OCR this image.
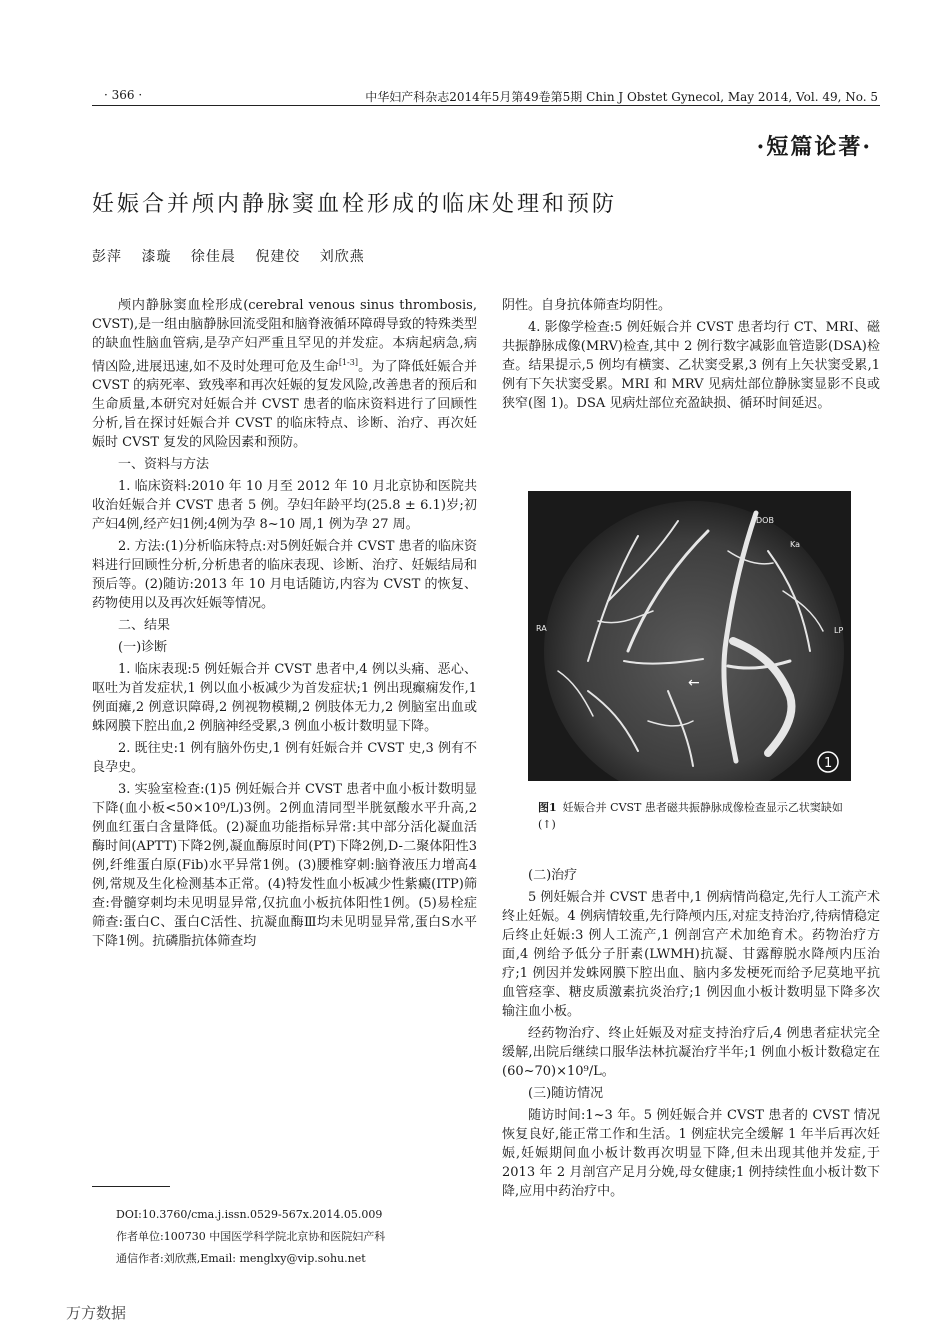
· 366 ·	中华妇产科杂志2014年5月第49卷第5期 Chin J Obstet Gynecol, May 2014, Vol. 49, No. 5
·短篇论著·
妊娠合并颅内静脉窦血栓形成的临床处理和预防
彭萍 漆璇 徐佳晨 倪建佼 刘欣燕

颅内静脉窦血栓形成(cerebral venous sinus thrombosis, CVST),是一组由脑静脉回流受阻和脑脊液循环障碍导致的特殊类型的缺血性脑血管病,是孕产妇严重且罕见的并发症。本病起病急,病情凶险,进展迅速,如不及时处理可危及生命[1-3]。为了降低妊娠合并 CVST 的病死率、致残率和再次妊娠的复发风险,改善患者的预后和生命质量,本研究对妊娠合并 CVST 患者的临床资料进行了回顾性分析,旨在探讨妊娠合并 CVST 的临床特点、诊断、治疗、再次妊娠时 CVST 复发的风险因素和预防。

一、资料与方法

1. 临床资料:2010 年 10 月至 2012 年 10 月北京协和医院共收治妊娠合并 CVST 患者 5 例。孕妇年龄平均(25.8 ± 6.1)岁;初产妇4例,经产妇1例;4例为孕 8~10 周,1 例为孕 27 周。

2. 方法:(1)分析临床特点:对5例妊娠合并 CVST 患者的临床资料进行回顾性分析,分析患者的临床表现、诊断、治疗、妊娠结局和预后等。(2)随访:2013 年 10 月电话随访,内容为 CVST 的恢复、药物使用以及再次妊娠等情况。

二、结果
(一)诊断

1. 临床表现:5 例妊娠合并 CVST 患者中,4 例以头痛、恶心、呕吐为首发症状,1 例以血小板减少为首发症状;1 例出现癫痫发作,1 例面瘫,2 例意识障碍,2 例视物模糊,2 例肢体无力,2 例脑室出血或蛛网膜下腔出血,2 例脑神经受累,3 例血小板计数明显下降。

2. 既往史:1 例有脑外伤史,1 例有妊娠合并 CVST 史,3 例有不良孕史。

3. 实验室检查:(1)5 例妊娠合并 CVST 患者中血小板计数明显下降(血小板<50×10⁹/L)3例。2例血清同型半胱氨酸水平升高,2例血红蛋白含量降低。(2)凝血功能指标异常:其中部分活化凝血活酶时间(APTT)下降2例,凝血酶原时间(PT)下降2例,D-二聚体阳性3例,纤维蛋白原(Fib)水平异常1例。(3)腰椎穿刺:脑脊液压力增高4例,常规及生化检测基本正常。(4)特发性血小板减少性紫癜(ITP)筛查:骨髓穿刺均未见明显异常,仅抗血小板抗体阳性1例。(5)易栓症筛查:蛋白C、蛋白C活性、抗凝血酶Ⅲ均未见明显异常,蛋白S水平下降1例。抗磷脂抗体筛查均

阴性。自身抗体筛查均阴性。

4. 影像学检查:5 例妊娠合并 CVST 患者均行 CT、MRI、磁共振静脉成像(MRV)检查,其中 2 例行数字减影血管造影(DSA)检查。结果提示,5 例均有横窦、乙状窦受累,3 例有上矢状窦受累,1 例有下矢状窦受累。MRI 和 MRV 见病灶部位静脉窦显影不良或狭窄(图 1)。DSA 见病灶部位充盈缺损、循环时间延迟。

DOB
Ka
RA	LP
←
1
图1 妊娠合并 CVST 患者磁共振静脉成像检查显示乙状窦缺如(↑)
(二)治疗

5 例妊娠合并 CVST 患者中,1 例病情尚稳定,先行人工流产术终止妊娠。4 例病情较重,先行降颅内压,对症支持治疗,待病情稳定后终止妊娠:3 例人工流产,1 例剖宫产术加绝育术。药物治疗方面,4 例给予低分子肝素(LWMH)抗凝、甘露醇脱水降颅内压治疗;1 例因并发蛛网膜下腔出血、脑内多发梗死而给予尼莫地平抗血管痉挛、糖皮质激素抗炎治疗;1 例因血小板计数明显下降多次输注血小板。

经药物治疗、终止妊娠及对症支持治疗后,4 例患者症状完全缓解,出院后继续口服华法林抗凝治疗半年;1 例血小板计数稳定在(60~70)×10⁹/L。

(三)随访情况

随访时间:1~3 年。5 例妊娠合并 CVST 患者的 CVST 情况恢复良好,能正常工作和生活。1 例症状完全缓解 1 年半后再次妊娠,妊娠期间血小板计数再次明显下降,但未出现其他并发症,于 2013 年 2 月剖宫产足月分娩,母女健康;1 例持续性血小板计数下降,应用中药治疗中。

DOI:10.3760/cma.j.issn.0529-567x.2014.05.009
作者单位:100730 中国医学科学院北京协和医院妇产科
通信作者:刘欣燕,Email: menglxy@vip.sohu.net
万方数据
